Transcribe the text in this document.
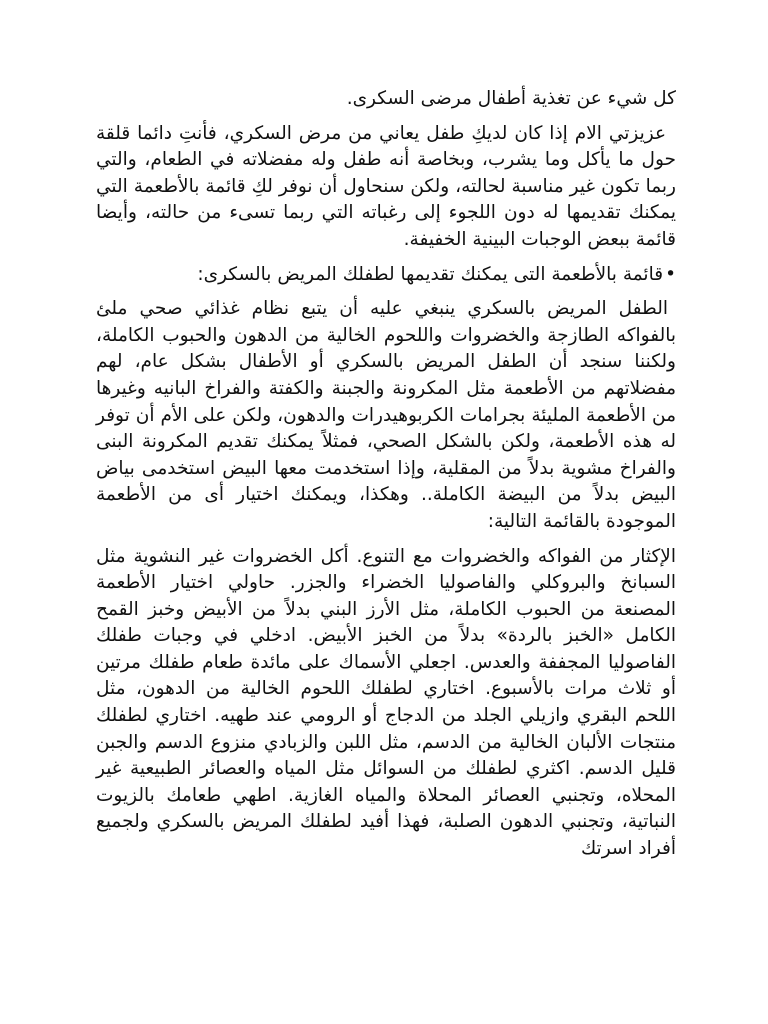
كل شيء عن تغذية أطفال مرضى السكرى.

عزيزتي الام إذا كان لديكِ طفل يعاني من مرض السكري، فأنتِ دائما قلقة حول ما يأكل وما يشرب، وبخاصة أنه طفل وله مفضلاته في الطعام، والتي ربما تكون غير مناسبة لحالته، ولكن سنحاول أن نوفر لكِ قائمة بالأطعمة التي يمكنك تقديمها له دون اللجوء إلى رغباته التي ربما تسىء من حالته، وأيضا قائمة ببعض الوجبات البينية الخفيفة.

•قائمة بالأطعمة التى يمكنك تقديمها لطفلك المريض بالسكرى:

الطفل المريض بالسكري ينبغي عليه أن يتبع نظام غذائي صحي ملئ بالفواكه الطازجة والخضروات واللحوم الخالية من الدهون والحبوب الكاملة، ولكننا سنجد أن الطفل المريض بالسكري أو الأطفال بشكل عام، لهم مفضلاتهم من الأطعمة مثل المكرونة والجبنة والكفتة والفراخ البانيه وغيرها من الأطعمة المليئة بجرامات الكربوهيدرات والدهون، ولكن على الأم أن توفر له هذه الأطعمة، ولكن بالشكل الصحي، فمثلاً يمكنك تقديم المكرونة البنى والفراخ مشوية بدلاً من المقلية، وإذا استخدمت معها البيض استخدمى بياض البيض بدلاً من البيضة الكاملة.. وهكذا، ويمكنك اختيار أى من الأطعمة الموجودة بالقائمة التالية:

الإكثار من الفواكه والخضروات مع التنوع. أكل الخضروات غير النشوية مثل السبانخ والبروكلي والفاصوليا الخضراء والجزر. حاولي اختيار الأطعمة المصنعة من الحبوب الكاملة، مثل الأرز البني بدلاً من الأبيض وخبز القمح الكامل «الخبز بالردة» بدلاً من الخبز الأبيض. ادخلي في وجبات طفلك الفاصوليا المجففة والعدس. اجعلي الأسماك على مائدة طعام طفلك مرتين أو ثلاث مرات بالأسبوع. اختاري لطفلك اللحوم الخالية من الدهون، مثل اللحم البقري وازيلي الجلد من الدجاج أو الرومي عند طهيه. اختاري لطفلك منتجات الألبان الخالية من الدسم، مثل اللبن والزبادي منزوع الدسم والجبن قليل الدسم. اكثري لطفلك من السوائل مثل المياه والعصائر الطبيعية غير المحلاه، وتجنبي العصائر المحلاة والمياه الغازية. اطهي طعامك بالزيوت النباتية، وتجنبي الدهون الصلبة، فهذا أفيد لطفلك المريض بالسكري ولجميع أفراد اسرتك
